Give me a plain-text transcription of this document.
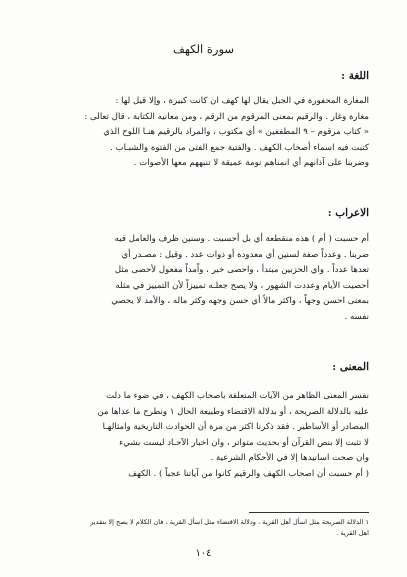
سورة الكهف
اللغة :

المغارة المحفورة في الجبل يقال لها كهف ان كانت كبيرة ، وإلا قيل لها :

مغارة وغار . والرقيم بمعنى المرقوم من الرقم ، ومن معانيه الكتابة ، قال تعالى :

« كتاب مرقوم – ٩ المطففين » أي مكتوب ، والمراد بالرقيم هنـا اللوح الذي

كتبت فيه اسماء أصحاب الكهف . والفتية جمع الفتى من الفتوة والشبـاب .

وضربنا على آذانهم أي انمناهم نومة عميقة لا تنبههم معها الأصوات .

الاعراب :

أم حسبت ( أم ) هذه منقطعة أي بل أحسبت . وسنين ظرف والعامل فيه

ضربنا . وعدداً صفة لسنين أي معدودة أو ذوات عدد . وقيل : مصـدر أي

تعدها عدداً . واي الحزبين مبتدأ ، واحصى خبر ، واًمداً مفعول لأحصى مثل

أحصيت الأيام وعددت الشهور ، ولا يصح جعلـه تمييزاً لأن التمييز في مثله

بمعنى احسن وجهاً ، واكثر مالاً أي حسن وجهه وكثر ماله ، والأمد لا يحصي

نفسه .

المعنى :

نفسر المعنى الظاهر من الآيات المتعلقة باصحاب الكهف ، في ضوء ما دلت

عليه بالدلالة الصريحة ، أو بدلالة الاقتضاء وطبيعة الحال ١ ونطرح ما عداها من

المصادر أو الأساطير . فقد ذكرنا اكثر من مرة أن الحوادث التاريخية وامثالهـا

لا تثبت إلا بنص القرآن أو بحديث متواتر ، وان اخبار الآحـاد ليست بشيء

وان صحت اسانيدها إلا في الأحكام الشرعية .

( أم حسبت أن اصحاب الكهف والرقيم كانوا من آياتنا عجباً ) . الكهف

١ الدلالة الصريحة مثل اسأل أهل القرية ، ودلالة الاقتضاء مثل اسأل القرية ، فان الكلام لا يصح إلا بتقدير

اهل القرية .

١٠٤
